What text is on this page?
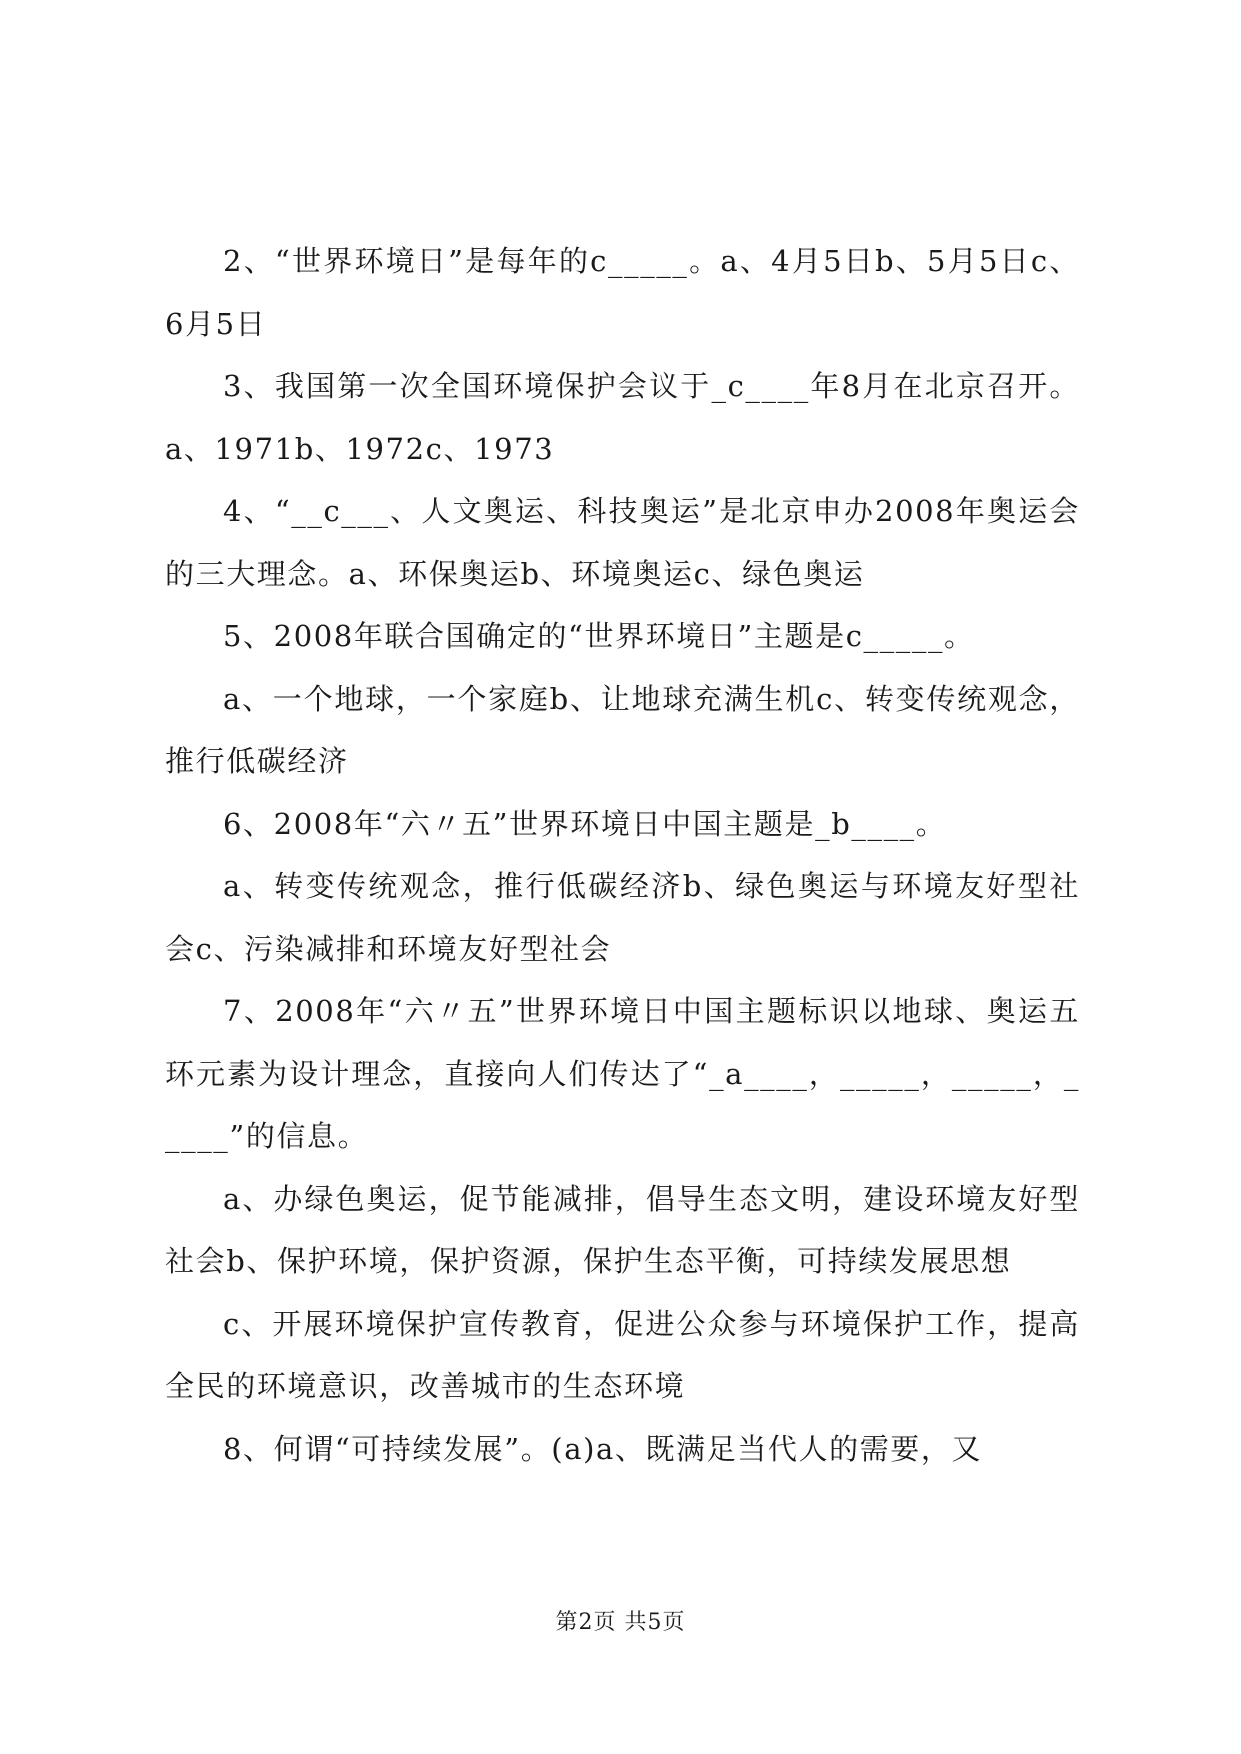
2、“世界环境日”是每年的c_____。a、4月5日b、5月5日c、6月5日

3、我国第一次全国环境保护会议于_c____年8月在北京召开。a、1971b、1972c、1973

4、“__c___、人文奥运、科技奥运”是北京申办2008年奥运会的三大理念。a、环保奥运b、环境奥运c、绿色奥运

5、2008年联合国确定的“世界环境日”主题是c_____。

a、一个地球，一个家庭b、让地球充满生机c、转变传统观念，推行低碳经济

6、2008年“六〃五”世界环境日中国主题是_b____。

a、转变传统观念，推行低碳经济b、绿色奥运与环境友好型社会c、污染减排和环境友好型社会

7、2008年“六〃五”世界环境日中国主题标识以地球、奥运五环元素为设计理念，直接向人们传达了“_a____，_____，_____，_____”的信息。

a、办绿色奥运，促节能减排，倡导生态文明，建设环境友好型社会b、保护环境，保护资源，保护生态平衡，可持续发展思想

c、开展环境保护宣传教育，促进公众参与环境保护工作，提高全民的环境意识，改善城市的生态环境

8、何谓“可持续发展”。(a)a、既满足当代人的需要，又

第2页 共5页
